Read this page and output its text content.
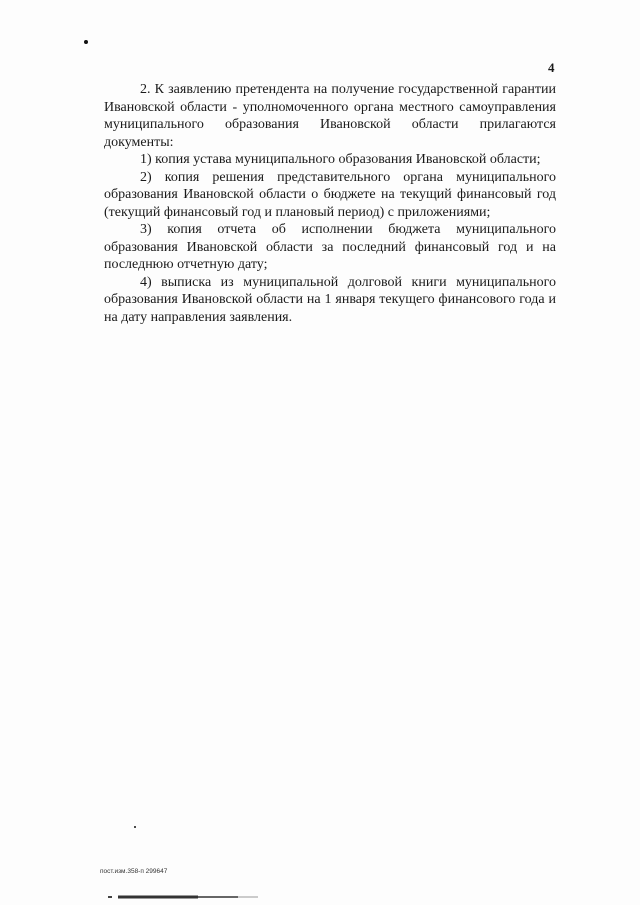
4

2. К заявлению претендента на получение государственной гарантии Ивановской области - уполномоченного органа местного самоуправления муниципального образования Ивановской области прилагаются документы:

1) копия устава муниципального образования Ивановской области;

2) копия решения представительного органа муниципального образования Ивановской области о бюджете на текущий финансовый год (текущий финансовый год и плановый период) с приложениями;

3) копия отчета об исполнении бюджета муниципального образования Ивановской области за последний финансовый год и на последнюю отчетную дату;

4) выписка из муниципальной долговой книги муниципального образования Ивановской области на 1 января текущего финансового года и на дату направления заявления.

пост.изм.358-п 299647
